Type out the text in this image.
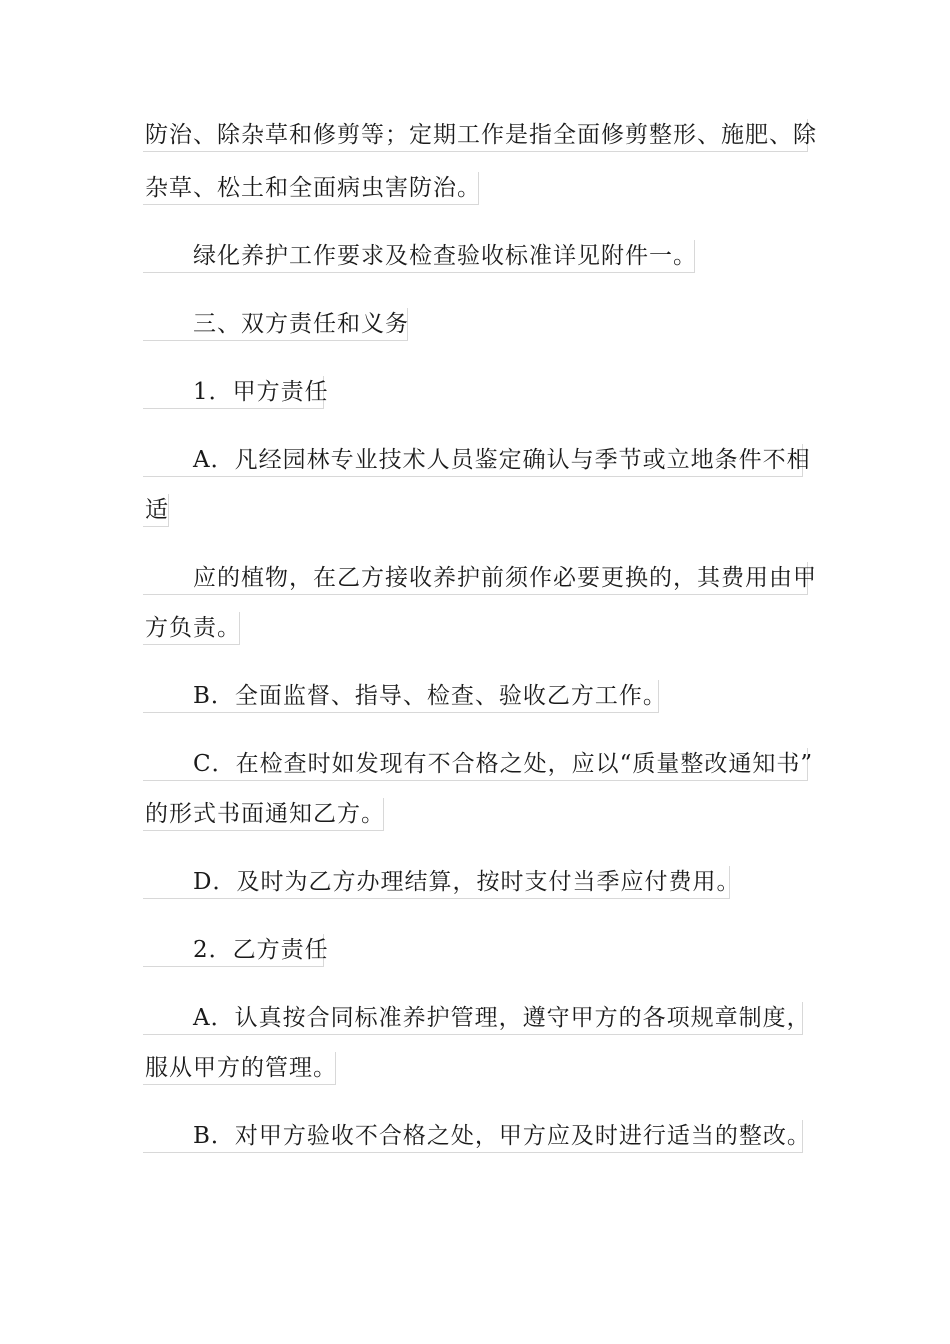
防治、除杂草和修剪等；定期工作是指全面修剪整形、施肥、除
杂草、松土和全面病虫害防治。
绿化养护工作要求及检查验收标准详见附件一。
三、双方责任和义务
1．甲方责任
A．凡经园林专业技术人员鉴定确认与季节或立地条件不相
适
应的植物，在乙方接收养护前须作必要更换的，其费用由甲
方负责。
B．全面监督、指导、检查、验收乙方工作。
C．在检查时如发现有不合格之处，应以“质量整改通知书”
的形式书面通知乙方。
D．及时为乙方办理结算，按时支付当季应付费用。
2．乙方责任
A．认真按合同标准养护管理，遵守甲方的各项规章制度，
服从甲方的管理。
B．对甲方验收不合格之处，甲方应及时进行适当的整改。
